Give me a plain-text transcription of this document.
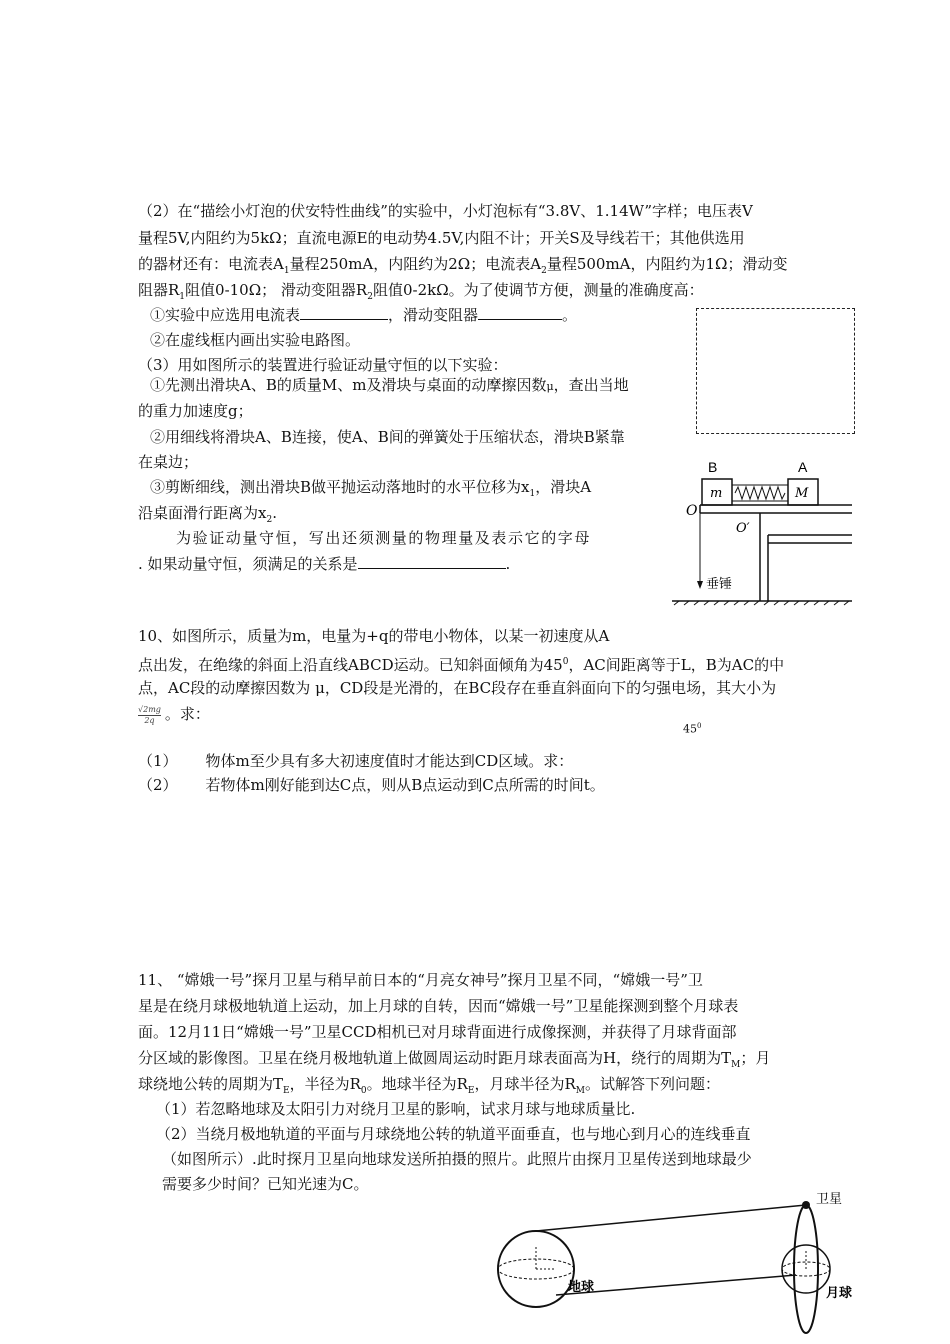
（2）在“描绘小灯泡的伏安特性曲线”的实验中，小灯泡标有“3.8V、1.14W”字样；电压表V
量程5V,内阻约为5kΩ；直流电源E的电动势4.5V,内阻不计；开关S及导线若干；其他供选用
的器材还有：电流表$A_1$量程250mA，内阻约为2Ω；电流表$A_2$量程500mA，内阻约为1Ω；滑动变
阻器$R_1$阻值0-10Ω； 滑动变阻器$R_2$阻值0-2kΩ。为了使调节方便，测量的准确度高：
①实验中应选用电流表	，滑动变阻器	。
②在虚线框内画出实验电路图。
（3）用如图所示的装置进行验证动量守恒的以下实验：
①先测出滑块A、B的质量M、m及滑块与桌面的动摩擦因数μ，查出当地
的重力加速度g；
②用细线将滑块A、B连接，使A、B间的弹簧处于压缩状态，滑块B紧靠
在桌边；
③剪断细线，测出滑块B做平抛运动落地时的水平位移为$x_1$，滑块A
沿桌面滑行距离为$x_2$.
为验证动量守恒，写出还须测量的物理量及表示它的字母
. 如果动量守恒，须满足的关系是	.
B	A
m	M
O
O′
垂锤
10、如图所示，质量为m，电量为+q的带电小物体，以某一初速度从A
点出发，在绝缘的斜面上沿直线ABCD运动。已知斜面倾角为$45^0$，AC间距离等于L，B为AC的中
点，AC段的动摩擦因数为 μ，CD段是光滑的，在BC段存在垂直斜面向下的匀强电场，其大小为
$\frac{√2mg}{2q}$ 。求：
$45^0$
（1） 物体m至少具有多大初速度值时才能达到CD区域。求：
（2） 若物体m刚好能到达C点，则从B点运动到C点所需的时间t。
11、 “嫦娥一号”探月卫星与稍早前日本的“月亮女神号”探月卫星不同，“嫦娥一号”卫
星是在绕月球极地轨道上运动，加上月球的自转，因而“嫦娥一号”卫星能探测到整个月球表
面。12月11日“嫦娥一号”卫星CCD相机已对月球背面进行成像探测，并获得了月球背面部
分区域的影像图。卫星在绕月极地轨道上做圆周运动时距月球表面高为H，绕行的周期为$T_M$；月
球绕地公转的周期为$T_E$，半径为$R_0$。地球半径为$R_E$，月球半径为$R_M$。试解答下列问题：
（1）若忽略地球及太阳引力对绕月卫星的影响，试求月球与地球质量比.
（2）当绕月极地轨道的平面与月球绕地公转的轨道平面垂直，也与地心到月心的连线垂直
（如图所示）.此时探月卫星向地球发送所拍摄的照片。此照片由探月卫星传送到地球最少
需要多少时间？已知光速为C。
卫星
地球	月球
